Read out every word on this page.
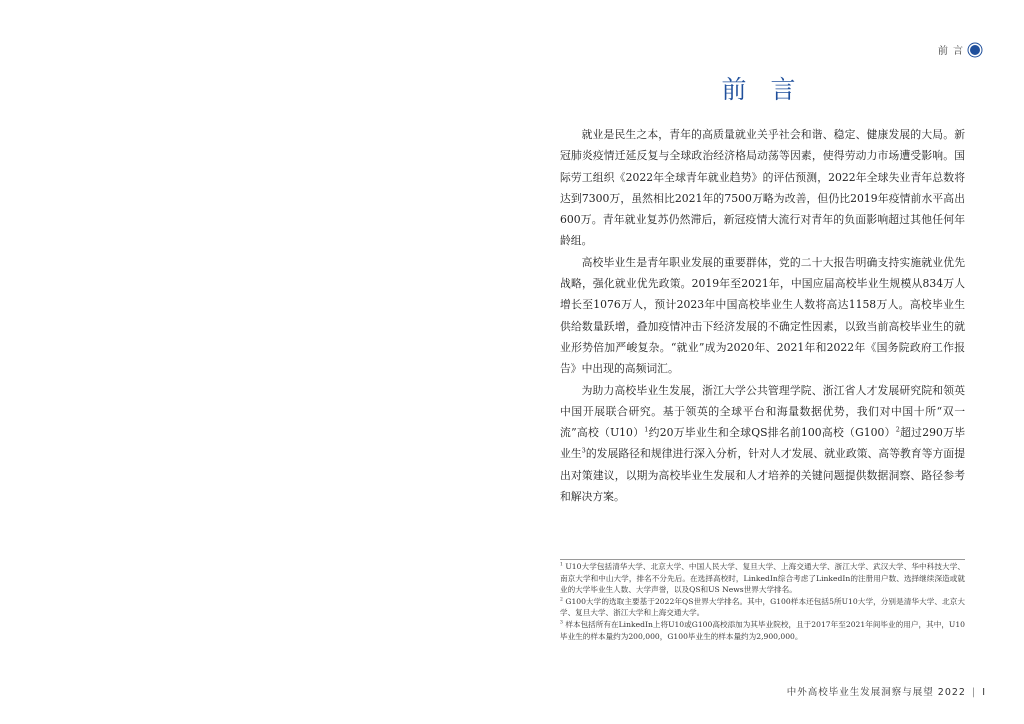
前 言
前 言

就业是民生之本，青年的高质量就业关乎社会和谐、稳定、健康发展的大局。新冠肺炎疫情迁延反复与全球政治经济格局动荡等因素，使得劳动力市场遭受影响。国际劳工组织《2022年全球青年就业趋势》的评估预测，2022年全球失业青年总数将达到7300万，虽然相比2021年的7500万略为改善，但仍比2019年疫情前水平高出600万。青年就业复苏仍然滞后，新冠疫情大流行对青年的负面影响超过其他任何年龄组。

高校毕业生是青年职业发展的重要群体，党的二十大报告明确支持实施就业优先战略，强化就业优先政策。2019年至2021年，中国应届高校毕业生规模从834万人增长至1076万人，预计2023年中国高校毕业生人数将高达1158万人。高校毕业生供给数量跃增，叠加疫情冲击下经济发展的不确定性因素，以致当前高校毕业生的就业形势倍加严峻复杂。“就业”成为2020年、2021年和2022年《国务院政府工作报告》中出现的高频词汇。

为助力高校毕业生发展，浙江大学公共管理学院、浙江省人才发展研究院和领英中国开展联合研究。基于领英的全球平台和海量数据优势，我们对中国十所“双一流”高校$(U10)^1$约20万毕业生和全球QS排名前100高校$(G100)^2$超过290万毕业生$^3$的发展路径和规律进行深入分析，针对人才发展、就业政策、高等教育等方面提出对策建议，以期为高校毕业生发展和人才培养的关键问题提供数据洞察、路径参考和解决方案。

$^1$ U10大学包括清华大学、北京大学、中国人民大学、复旦大学、上海交通大学、浙江大学、武汉大学、华中科技大学、南京大学和中山大学，排名不分先后。在选择高校时，LinkedIn综合考虑了LinkedIn的注册用户数、选择继续深造或就业的大学毕业生人数、大学声誉，以及QS和US News世界大学排名。

$^2$ G100大学的选取主要基于2022年QS世界大学排名。其中，G100样本还包括5所U10大学，分别是清华大学、北京大学、复旦大学、浙江大学和上海交通大学。

$^3$ 样本包括所有在LinkedIn上将U10或G100高校添加为其毕业院校，且于2017年至2021年间毕业的用户，其中，U10毕业生的样本量约为200,000，G100毕业生的样本量约为2,900,000。

中外高校毕业生发展洞察与展望 2022 | I
